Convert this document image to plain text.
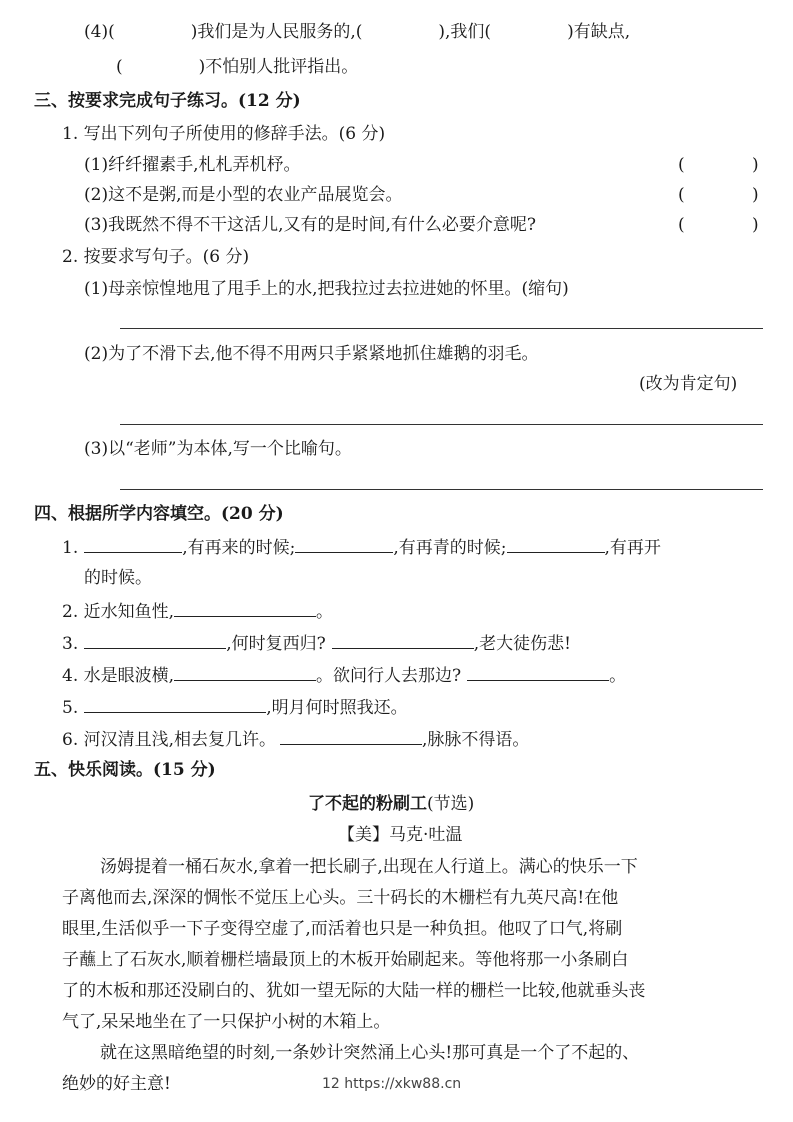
(4)(	)我们是为人民服务的,(	),我们(	)有缺点,
(	)不怕别人批评指出。
三、按要求完成句子练习。(12 分)
1. 写出下列句子所使用的修辞手法。(6 分)
(1)纤纤擢素手,札札弄机杼。	(	)
(2)这不是粥,而是小型的农业产品展览会。	(	)
(3)我既然不得不干这活儿,又有的是时间,有什么必要介意呢?	(	)
2. 按要求写句子。(6 分)
(1)母亲惊惶地甩了甩手上的水,把我拉过去拉进她的怀里。(缩句)
(2)为了不滑下去,他不得不用两只手紧紧地抓住雄鹅的羽毛。
(改为肯定句)
(3)以“老师”为本体,写一个比喻句。
四、根据所学内容填空。(20 分)
1.	,有再来的时候;	,有再青的时候;	,有再开
的时候。
2. 近水知鱼性,	。
3.	,何时复西归?	,老大徒伤悲!
4. 水是眼波横,	。欲问行人去那边?	。
5.	,明月何时照我还。
6. 河汉清且浅,相去复几许。	,脉脉不得语。
五、快乐阅读。(15 分)
了不起的粉刷工(节选)
【美】马克·吐温
汤姆提着一桶石灰水,拿着一把长刷子,出现在人行道上。满心的快乐一下
子离他而去,深深的惆怅不觉压上心头。三十码长的木栅栏有九英尺高!在他
眼里,生活似乎一下子变得空虚了,而活着也只是一种负担。他叹了口气,将刷
子蘸上了石灰水,顺着栅栏墙最顶上的木板开始刷起来。等他将那一小条刷白
了的木板和那还没刷白的、犹如一望无际的大陆一样的栅栏一比较,他就垂头丧
气了,呆呆地坐在了一只保护小树的木箱上。
就在这黑暗绝望的时刻,一条妙计突然涌上心头!那可真是一个了不起的、
绝妙的好主意!	12 https://xkw88.cn
